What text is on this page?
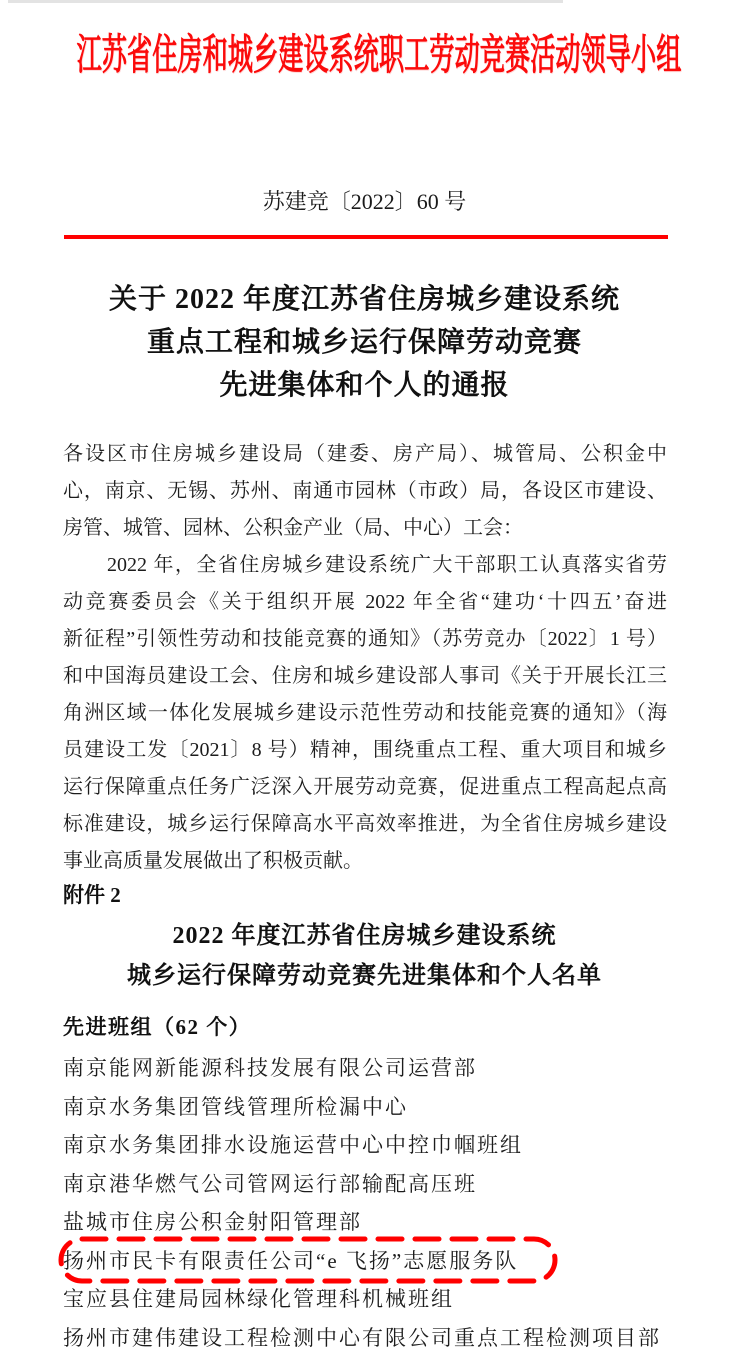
江苏省住房和城乡建设系统职工劳动竞赛活动领导小组
苏建竞〔2022〕60 号
关于 2022 年度江苏省住房城乡建设系统
重点工程和城乡运行保障劳动竞赛
先进集体和个人的通报
各设区市住房城乡建设局（建委、房产局）、城管局、公积金中
心，南京、无锡、苏州、南通市园林（市政）局，各设区市建设、
房管、城管、园林、公积金产业（局、中心）工会：
2022 年，全省住房城乡建设系统广大干部职工认真落实省劳
动竞赛委员会《关于组织开展 2022 年全省“建功‘十四五’奋进
新征程”引领性劳动和技能竞赛的通知》（苏劳竞办〔2022〕1 号）
和中国海员建设工会、住房和城乡建设部人事司《关于开展长江三
角洲区域一体化发展城乡建设示范性劳动和技能竞赛的通知》（海
员建设工发〔2021〕8 号）精神，围绕重点工程、重大项目和城乡
运行保障重点任务广泛深入开展劳动竞赛，促进重点工程高起点高
标准建设，城乡运行保障高水平高效率推进，为全省住房城乡建设
事业高质量发展做出了积极贡献。
附件 2
2022 年度江苏省住房城乡建设系统
城乡运行保障劳动竞赛先进集体和个人名单
先进班组（62 个）
南京能网新能源科技发展有限公司运营部
南京水务集团管线管理所检漏中心
南京水务集团排水设施运营中心中控巾帼班组
南京港华燃气公司管网运行部输配高压班
盐城市住房公积金射阳管理部
扬州市民卡有限责任公司“e 飞扬”志愿服务队
宝应县住建局园林绿化管理科机械班组
扬州市建伟建设工程检测中心有限公司重点工程检测项目部
